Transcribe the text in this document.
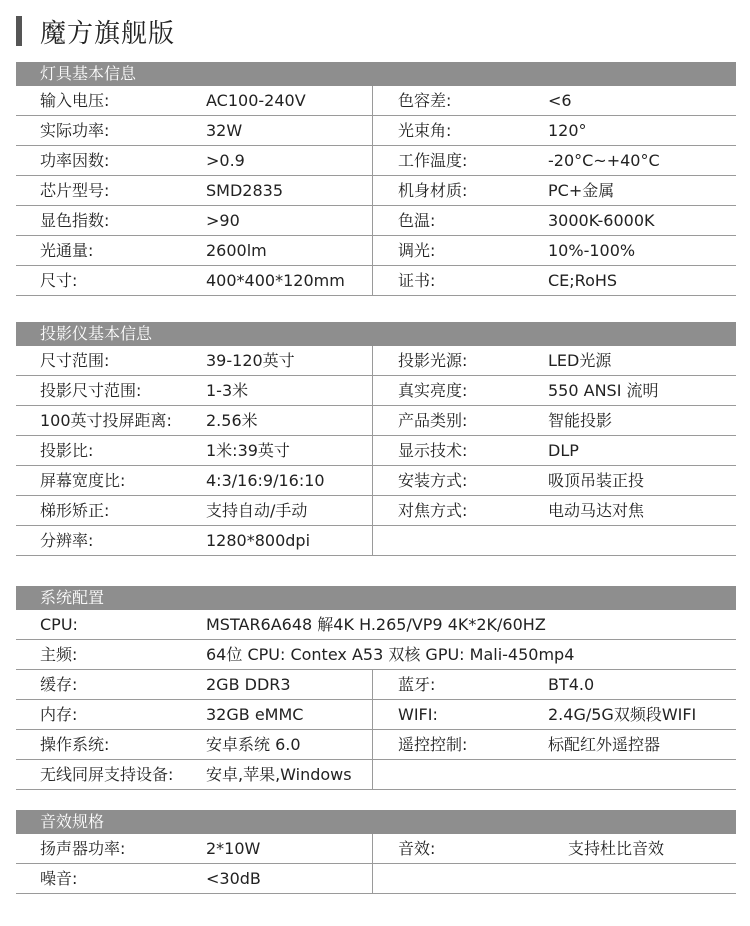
魔方旗舰版
灯具基本信息
输入电压:	AC100-240V	色容差:	<6
实际功率:	32W	光束角:	120°
功率因数:	>0.9	工作温度:	-20°C~+40°C
芯片型号:	SMD2835	机身材质:	PC+金属
显色指数:	>90	色温:	3000K-6000K
光通量:	2600lm	调光:	10%-100%
尺寸:	400*400*120mm	证书:	CE;RoHS
投影仪基本信息
尺寸范围:	39-120英寸	投影光源:	LED光源
投影尺寸范围:	1-3米	真实亮度:	550 ANSI 流明
100英寸投屏距离: 2.56米	产品类别:	智能投影
投影比:	1米:39英寸	显示技术:	DLP
屏幕宽度比:	4:3/16:9/16:10	安装方式:	吸顶吊装正投
梯形矫正:	支持自动/手动	对焦方式:	电动马达对焦
分辨率:	1280*800dpi
系统配置
CPU:	MSTAR6A648 解4K H.265/VP9 4K*2K/60HZ
主频:	64位 CPU: Contex A53 双核 GPU: Mali-450mp4
缓存:	2GB DDR3	蓝牙:	BT4.0
内存:	32GB eMMC	WIFI:	2.4G/5G双频段WIFI
操作系统:	安卓系统 6.0	遥控控制:	标配红外遥控器
无线同屏支持设备: 安卓,苹果,Windows
音效规格
扬声器功率:	2*10W	音效:	支持杜比音效
噪音:	<30dB
